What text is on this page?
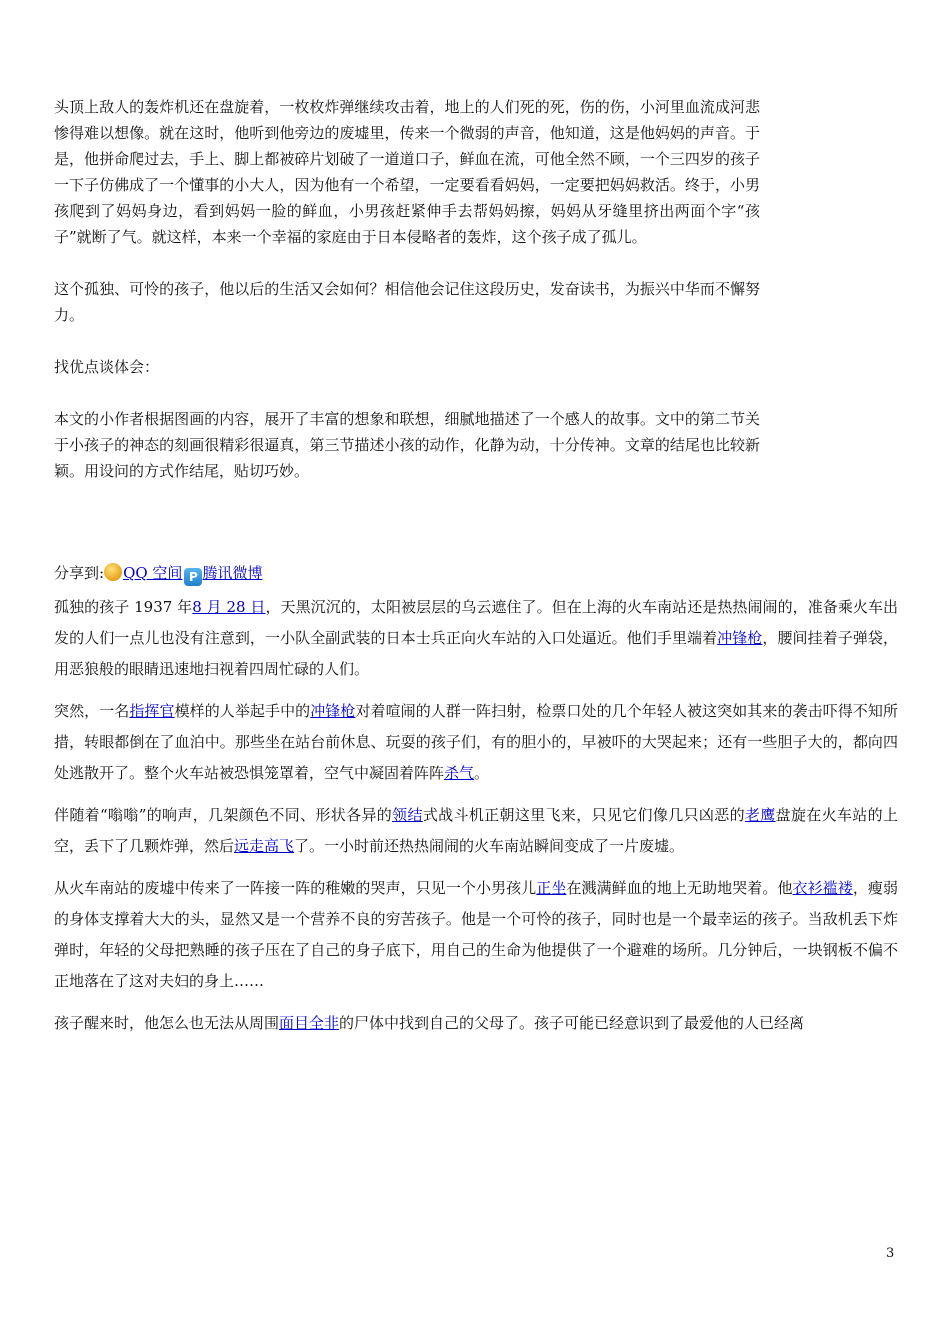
头顶上敌人的轰炸机还在盘旋着，一枚枚炸弹继续攻击着，地上的人们死的死，伤的伤，小河里血流成河悲惨得难以想像。就在这时，他听到他旁边的废墟里，传来一个微弱的声音，他知道，这是他妈妈的声音。于是，他拼命爬过去，手上、脚上都被碎片划破了一道道口子，鲜血在流，可他全然不顾，一个三四岁的孩子一下子仿佛成了一个懂事的小大人，因为他有一个希望，一定要看看妈妈，一定要把妈妈救活。终于，小男孩爬到了妈妈身边，看到妈妈一脸的鲜血，小男孩赶紧伸手去帮妈妈擦，妈妈从牙缝里挤出两面个字“孩子”就断了气。就这样，本来一个幸福的家庭由于日本侵略者的轰炸，这个孩子成了孤儿。

这个孤独、可怜的孩子，他以后的生活又会如何？相信他会记住这段历史，发奋读书，为振兴中华而不懈努力。

找优点谈体会：

本文的小作者根据图画的内容，展开了丰富的想象和联想，细腻地描述了一个感人的故事。文中的第二节关于小孩子的神态的刻画很精彩很逼真，第三节描述小孩的动作，化静为动，十分传神。文章的结尾也比较新颖。用设问的方式作结尾，贴切巧妙。

分享到: QQ 空间 P 腾讯微博

孤独的孩子 1937 年8 月 28 日，天黑沉沉的，太阳被层层的乌云遮住了。但在上海的火车南站还是热热闹闹的，准备乘火车出发的人们一点儿也没有注意到，一小队全副武装的日本士兵正向火车站的入口处逼近。他们手里端着冲锋枪，腰间挂着子弹袋，用恶狼般的眼睛迅速地扫视着四周忙碌的人们。

突然，一名指挥官模样的人举起手中的冲锋枪对着喧闹的人群一阵扫射，检票口处的几个年轻人被这突如其来的袭击吓得不知所措，转眼都倒在了血泊中。那些坐在站台前休息、玩耍的孩子们，有的胆小的，早被吓的大哭起来；还有一些胆子大的，都向四处逃散开了。整个火车站被恐惧笼罩着，空气中凝固着阵阵杀气。

伴随着“嗡嗡”的响声，几架颜色不同、形状各异的领结式战斗机正朝这里飞来，只见它们像几只凶恶的老鹰盘旋在火车站的上空，丢下了几颗炸弹，然后远走高飞了。一小时前还热热闹闹的火车南站瞬间变成了一片废墟。

从火车南站的废墟中传来了一阵接一阵的稚嫩的哭声，只见一个小男孩儿正坐在溅满鲜血的地上无助地哭着。他衣衫褴褛，瘦弱的身体支撑着大大的头，显然又是一个营养不良的穷苦孩子。他是一个可怜的孩子，同时也是一个最幸运的孩子。当敌机丢下炸弹时，年轻的父母把熟睡的孩子压在了自己的身子底下，用自己的生命为他提供了一个避难的场所。几分钟后，一块钢板不偏不正地落在了这对夫妇的身上……

孩子醒来时，他怎么也无法从周围面目全非的尸体中找到自己的父母了。孩子可能已经意识到了最爱他的人已经离

3
